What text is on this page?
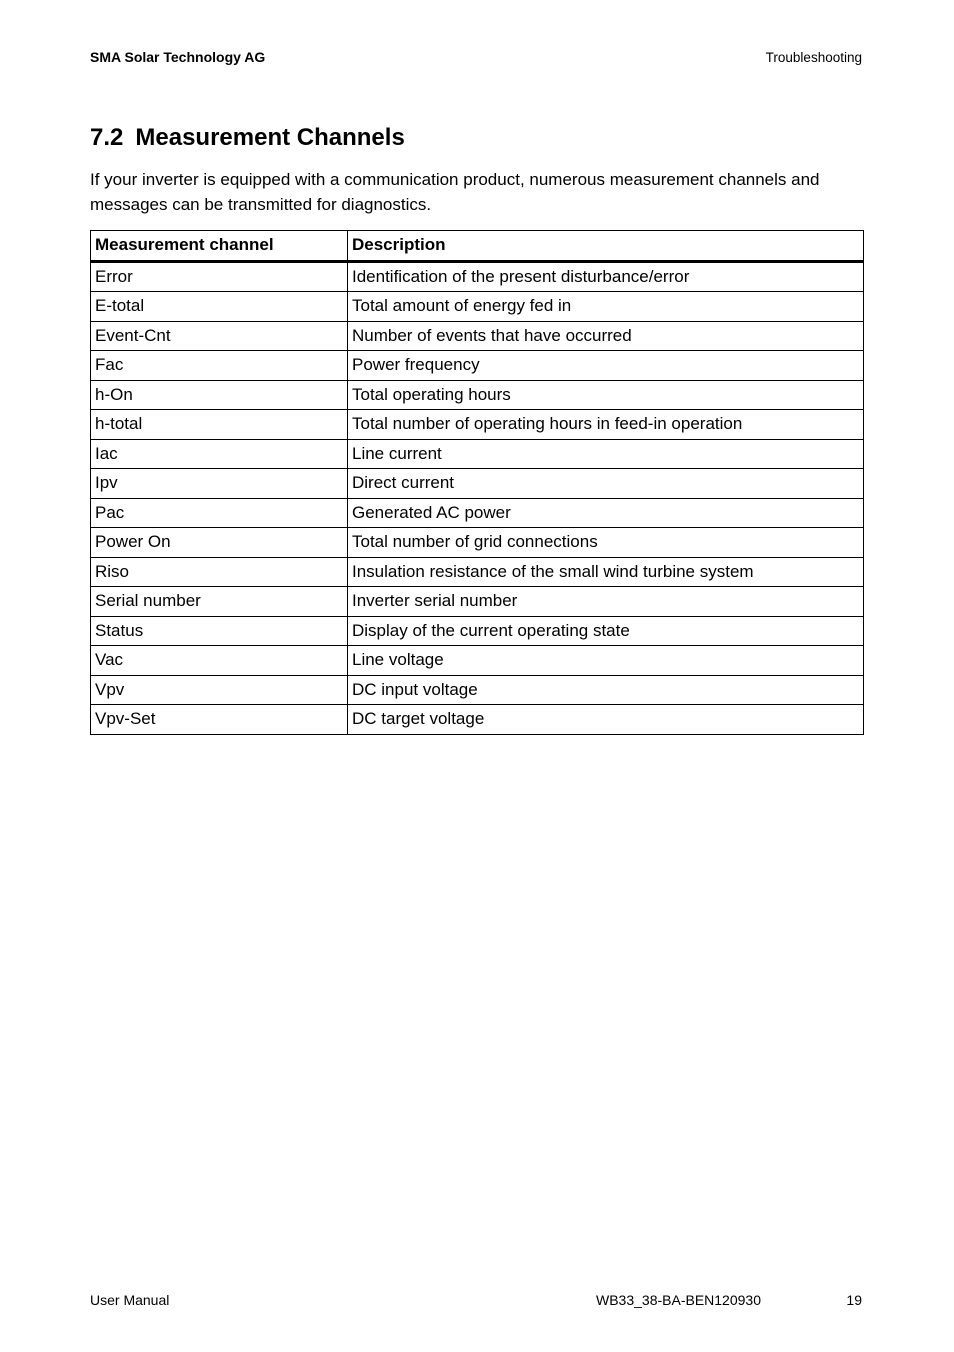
SMA Solar Technology AG	Troubleshooting
7.2 Measurement Channels

If your inverter is equipped with a communication product, numerous measurement channels and messages can be transmitted for diagnostics.

Measurement channel	Description
Error	Identification of the present disturbance/error
E-total	Total amount of energy fed in
Event-Cnt	Number of events that have occurred
Fac	Power frequency
h-On	Total operating hours
h-total	Total number of operating hours in feed-in operation
Iac	Line current
Ipv	Direct current
Pac	Generated AC power
Power On	Total number of grid connections
Riso	Insulation resistance of the small wind turbine system
Serial number	Inverter serial number
Status	Display of the current operating state
Vac	Line voltage
Vpv	DC input voltage
Vpv-Set	DC target voltage
User Manual	WB33_38-BA-BEN120930	19
